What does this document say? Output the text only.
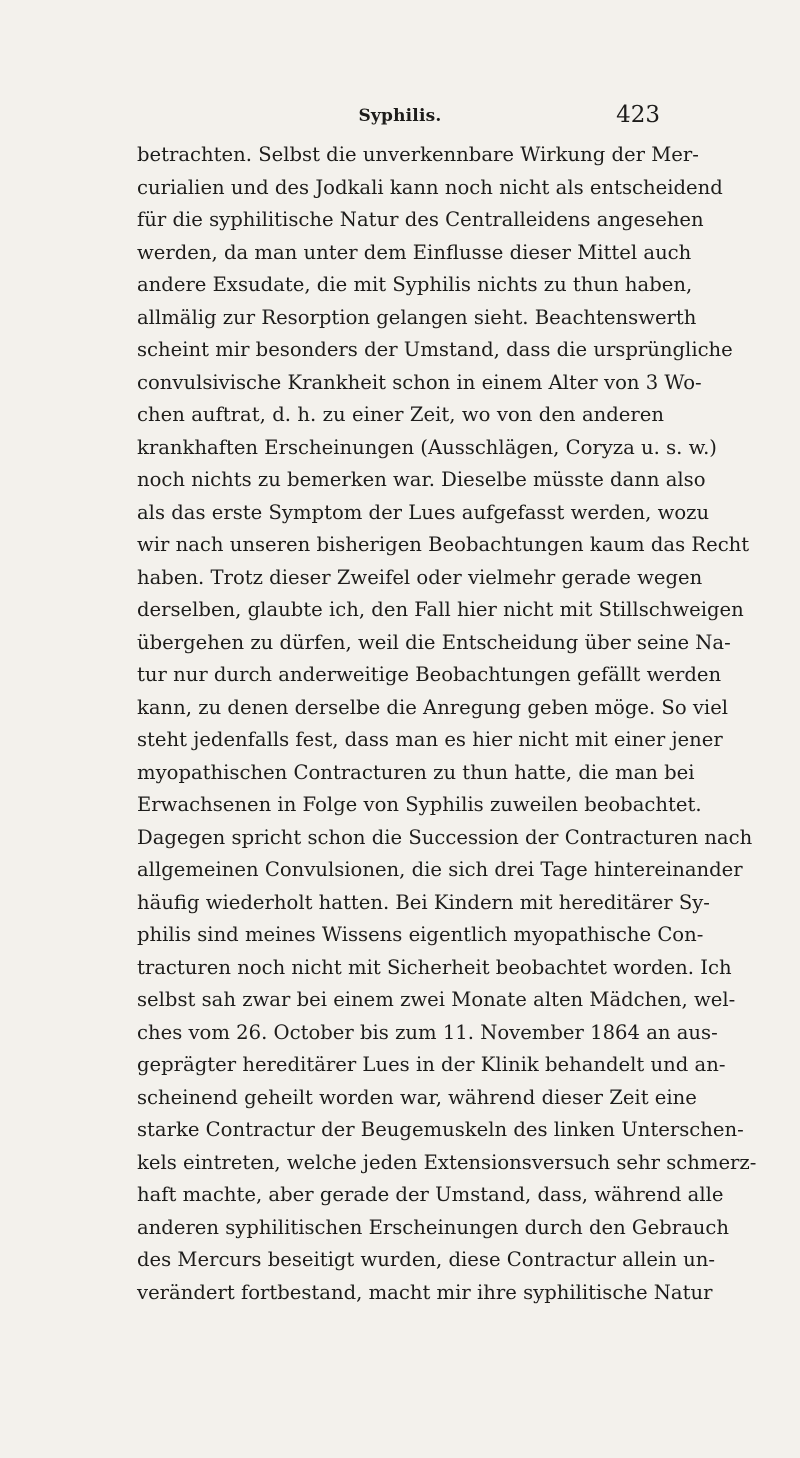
Syphilis.	423
betrachten. Selbst die unverkennbare Wirkung der Mer-
curialien und des Jodkali kann noch nicht als entscheidend
für die syphilitische Natur des Centralleidens angesehen
werden, da man unter dem Einflusse dieser Mittel auch
andere Exsudate, die mit Syphilis nichts zu thun haben,
allmälig zur Resorption gelangen sieht. Beachtenswerth
scheint mir besonders der Umstand, dass die ursprüngliche
convulsivische Krankheit schon in einem Alter von 3 Wo-
chen auftrat, d. h. zu einer Zeit, wo von den anderen
krankhaften Erscheinungen (Ausschlägen, Coryza u. s. w.)
noch nichts zu bemerken war. Dieselbe müsste dann also
als das erste Symptom der Lues aufgefasst werden, wozu
wir nach unseren bisherigen Beobachtungen kaum das Recht
haben. Trotz dieser Zweifel oder vielmehr gerade wegen
derselben, glaubte ich, den Fall hier nicht mit Stillschweigen
übergehen zu dürfen, weil die Entscheidung über seine Na-
tur nur durch anderweitige Beobachtungen gefällt werden
kann, zu denen derselbe die Anregung geben möge. So viel
steht jedenfalls fest, dass man es hier nicht mit einer jener
myopathischen Contracturen zu thun hatte, die man bei
Erwachsenen in Folge von Syphilis zuweilen beobachtet.
Dagegen spricht schon die Succession der Contracturen nach
allgemeinen Convulsionen, die sich drei Tage hintereinander
häufig wiederholt hatten. Bei Kindern mit hereditärer Sy-
philis sind meines Wissens eigentlich myopathische Con-
tracturen noch nicht mit Sicherheit beobachtet worden. Ich
selbst sah zwar bei einem zwei Monate alten Mädchen, wel-
ches vom 26. October bis zum 11. November 1864 an aus-
geprägter hereditärer Lues in der Klinik behandelt und an-
scheinend geheilt worden war, während dieser Zeit eine
starke Contractur der Beugemuskeln des linken Unterschen-
kels eintreten, welche jeden Extensionsversuch sehr schmerz-
haft machte, aber gerade der Umstand, dass, während alle
anderen syphilitischen Erscheinungen durch den Gebrauch
des Mercurs beseitigt wurden, diese Contractur allein un-
verändert fortbestand, macht mir ihre syphilitische Natur
